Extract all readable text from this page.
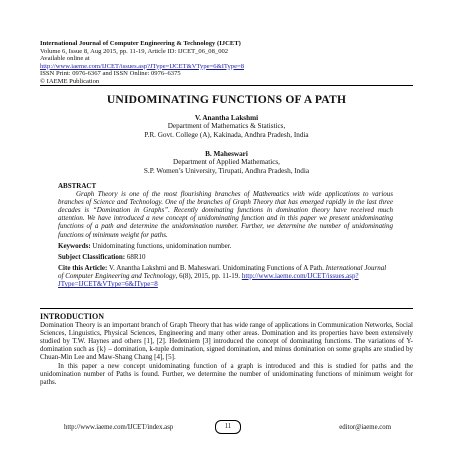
International Journal of Computer Engineering & Technology (IJCET)
Volume 6, Issue 8, Aug 2015, pp. 11-19, Article ID: IJCET_06_08_002
Available online at
http://www.iaeme.com/IJCET/issues.asp?JType=IJCET&VType=6&IType=8
ISSN Print: 0976-6367 and ISSN Online: 0976–6375
© IAEME Publication
UNIDOMINATING FUNCTIONS OF A PATH
V. Anantha Lakshmi
Department of Mathematics & Statistics,
P.R. Govt. College (A), Kakinada, Andhra Pradesh, India
B. Maheswari
Department of Applied Mathematics,
S.P. Women’s University, Tirupati, Andhra Pradesh, India
ABSTRACT
Graph Theory is one of the most flourishing branches of Mathematics with wide applications to various branches of Science and Technology. One of the branches of Graph Theory that has emerged rapidly in the last three decades is “Domination in Graphs”. Recently dominating functions in domination theory have received much attention. We have introduced a new concept of unidominating function and in this paper we present unidominating functions of a path and determine the unidomination number. Further, we determine the number of unidominating functions of minimum weight for paths.
Keywords: Unidominating functions, unidomination number.
Subject Classification: 68R10
Cite this Article: V. Anantha Lakshmi and B. Maheswari. Unidominating Functions of A Path. International Journal of Computer Engineering and Technology, 6(8), 2015, pp. 11-19. http://www.iaeme.com/IJCET/issues.asp?JType=IJCET&VType=6&IType=8
INTRODUCTION
Domination Theory is an important branch of Graph Theory that has wide range of applications in Communication Networks, Social Sciences, Linguistics, Physical Sciences, Engineering and many other areas. Domination and its properties have been extensively studied by T.W. Haynes and others [1], [2]. Hedetniem [3] introduced the concept of dominating functions. The variations of Y-domination such as {k} – domination, k-tuple domination, signed domination, and minus domination on some graphs are studied by Chuan-Min Lee and Maw-Shang Chang [4], [5].
In this paper a new concept unidominating function of a graph is introduced and this is studied for paths and the unidomination number of Paths is found. Further, we determine the number of unidominating functions of minimum weight for paths.
http://www.iaeme.com/IJCET/index.asp	11	editor@iaeme.com
